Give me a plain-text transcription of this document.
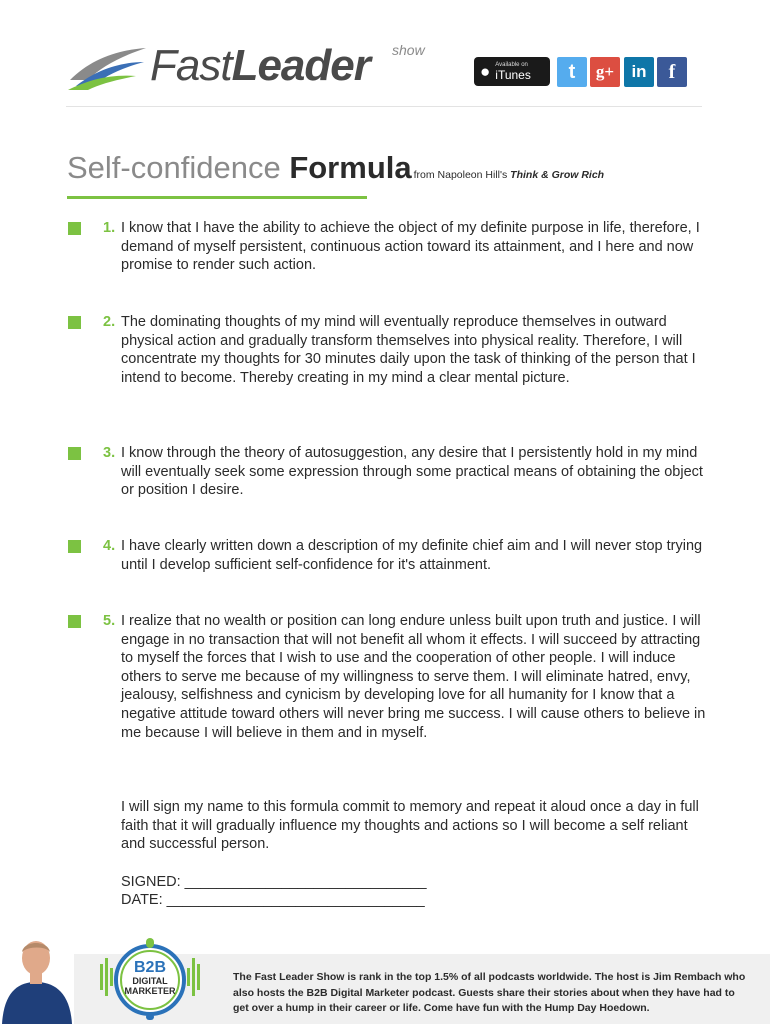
FastLeader show
● Available on
iTunes	t	g+	in	f
Self-confidence Formula from Napoleon Hill's Think & Grow Rich
1. I know that I have the ability to achieve the object of my definite purpose in life, therefore, I demand of myself persistent, continuous action toward its attainment, and I here and now promise to render such action.
2. The dominating thoughts of my mind will eventually reproduce themselves in outward physical action and gradually transform themselves into physical reality. Therefore, I will concentrate my thoughts for 30 minutes daily upon the task of thinking of the person that I intend to become. Thereby creating in my mind a clear mental picture.
3. I know through the theory of autosuggestion, any desire that I persistently hold in my mind will eventually seek some expression through some practical means of obtaining the object or position I desire.
4. I have clearly written down a description of my definite chief aim and I will never stop trying until I develop sufficient self-confidence for it's attainment.
5. I realize that no wealth or position can long endure unless built upon truth and justice. I will engage in no transaction that will not benefit all whom it effects. I will succeed by attracting to myself the forces that I wish to use and the cooperation of other people. I will induce others to serve me because of my willingness to serve them. I will eliminate hatred, envy, jealousy, selfishness and cynicism by developing love for all humanity for I know that a negative attitude toward others will never bring me success. I will cause others to believe in me because I will believe in them and in myself.
I will sign my name to this formula commit to memory and repeat it aloud once a day in full faith that it will gradually influence my thoughts and actions so I will become a self reliant and successful person.
SIGNED: ______________________________
DATE: ________________________________
B2B
DIGITAL
MARKETER
The Fast Leader Show is rank in the top 1.5% of all podcasts worldwide. The host is Jim Rembach who also hosts the B2B Digital Marketer podcast. Guests share their stories about when they have had to get over a hump in their career or life. Come have fun with the Hump Day Hoedown.
